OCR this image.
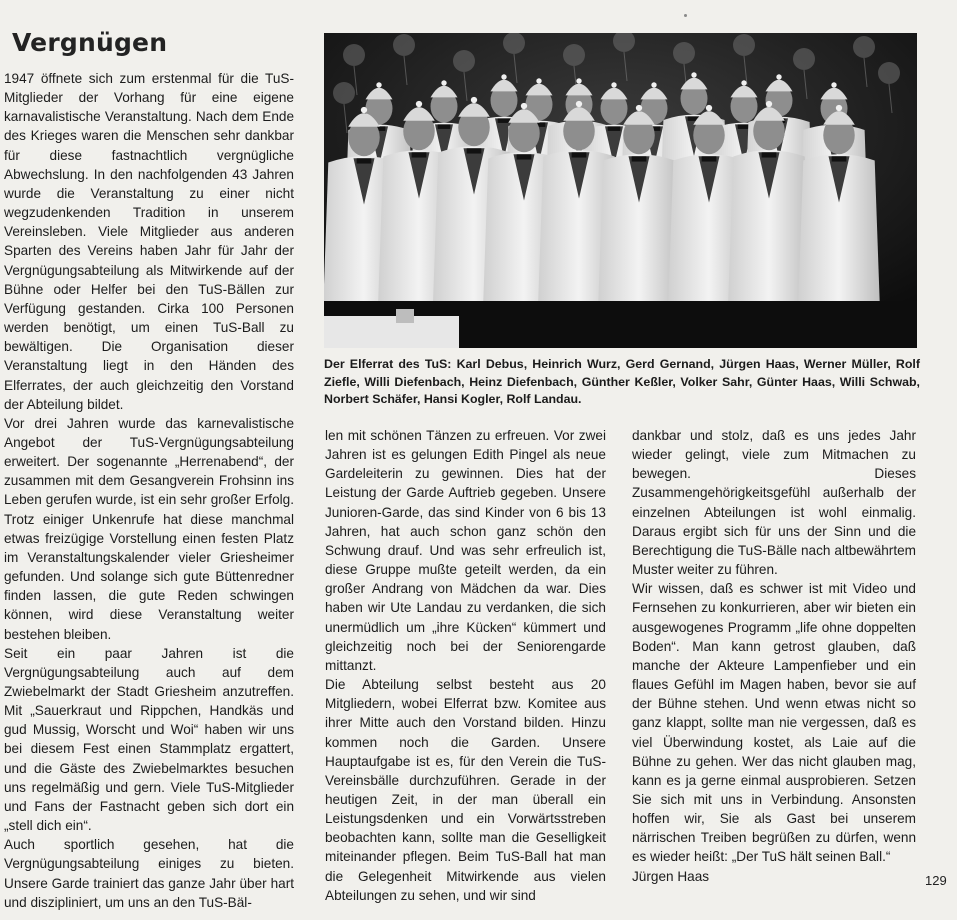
Vergnügen

1947 öffnete sich zum erstenmal für die TuS-Mitglieder der Vorhang für eine eigene karnavalistische Veranstaltung. Nach dem Ende des Krieges waren die Menschen sehr dankbar für diese fastnachtlich vergnügliche Abwechslung. In den nachfolgenden 43 Jahren wurde die Veranstaltung zu einer nicht wegzudenkenden Tradition in unserem Vereinsleben. Viele Mitglieder aus anderen Sparten des Vereins haben Jahr für Jahr der Vergnügungsabteilung als Mitwirkende auf der Bühne oder Helfer bei den TuS-Bällen zur Verfügung gestanden. Cirka 100 Personen werden benötigt, um einen TuS-Ball zu bewältigen. Die Organisation dieser Veranstaltung liegt in den Händen des Elferrates, der auch gleichzeitig den Vorstand der Abteilung bildet.

Vor drei Jahren wurde das karnevalistische Angebot der TuS-Vergnügungsabteilung erweitert. Der sogenannte „Herrenabend“, der zusammen mit dem Gesangverein Frohsinn ins Leben gerufen wurde, ist ein sehr großer Erfolg. Trotz einiger Unkenrufe hat diese manchmal etwas freizügige Vorstellung einen festen Platz im Veranstaltungskalender vieler Griesheimer gefunden. Und solange sich gute Büttenredner finden lassen, die gute Reden schwingen können, wird diese Veranstaltung weiter bestehen bleiben.

Seit ein paar Jahren ist die Vergnügungsabteilung auch auf dem Zwiebelmarkt der Stadt Griesheim anzutreffen. Mit „Sauerkraut und Rippchen, Handkäs und gud Mussig, Worscht und Woi“ haben wir uns bei diesem Fest einen Stammplatz ergattert, und die Gäste des Zwiebelmarktes besuchen uns regelmäßig und gern. Viele TuS-Mitglieder und Fans der Fastnacht geben sich dort ein „stell dich ein“.

Auch sportlich gesehen, hat die Vergnügungsabteilung einiges zu bieten. Unsere Garde trainiert das ganze Jahr über hart und diszipliniert, um uns an den TuS-Bäl-

Der Elferrat des TuS: Karl Debus, Heinrich Wurz, Gerd Gernand, Jürgen Haas, Werner Müller, Rolf Ziefle, Willi Diefenbach, Heinz Diefenbach, Günther Keßler, Volker Sahr, Günter Haas, Willi Schwab, Norbert Schäfer, Hansi Kogler, Rolf Landau.

len mit schönen Tänzen zu erfreuen. Vor zwei Jahren ist es gelungen Edith Pingel als neue Gardeleiterin zu gewinnen. Dies hat der Leistung der Garde Auftrieb gegeben. Unsere Junioren-Garde, das sind Kinder von 6 bis 13 Jahren, hat auch schon ganz schön den Schwung drauf. Und was sehr erfreulich ist, diese Gruppe mußte geteilt werden, da ein großer Andrang von Mädchen da war. Dies haben wir Ute Landau zu verdanken, die sich unermüdlich um „ihre Kücken“ kümmert und gleichzeitig noch bei der Seniorengarde mittanzt.

Die Abteilung selbst besteht aus 20 Mitgliedern, wobei Elferrat bzw. Komitee aus ihrer Mitte auch den Vorstand bilden. Hinzu kommen noch die Garden. Unsere Hauptaufgabe ist es, für den Verein die TuS-Vereinsbälle durchzuführen. Gerade in der heutigen Zeit, in der man überall ein Leistungsdenken und ein Vorwärtsstreben beobachten kann, sollte man die Geselligkeit miteinander pflegen. Beim TuS-Ball hat man die Gelegenheit Mitwirkende aus vielen Abteilungen zu sehen, und wir sind

dankbar und stolz, daß es uns jedes Jahr wieder gelingt, viele zum Mitmachen zu bewegen. Dieses Zusammengehörigkeitsgefühl außerhalb der einzelnen Abteilungen ist wohl einmalig. Daraus ergibt sich für uns der Sinn und die Berechtigung die TuS-Bälle nach altbewährtem Muster weiter zu führen.

Wir wissen, daß es schwer ist mit Video und Fernsehen zu konkurrieren, aber wir bieten ein ausgewogenes Programm „life ohne doppelten Boden“. Man kann getrost glauben, daß manche der Akteure Lampenfieber und ein flaues Gefühl im Magen haben, bevor sie auf der Bühne stehen. Und wenn etwas nicht so ganz klappt, sollte man nie vergessen, daß es viel Überwindung kostet, als Laie auf die Bühne zu gehen. Wer das nicht glauben mag, kann es ja gerne einmal ausprobieren. Setzen Sie sich mit uns in Verbindung. Ansonsten hoffen wir, Sie als Gast bei unserem närrischen Treiben begrüßen zu dürfen, wenn es wieder heißt: „Der TuS hält seinen Ball.“

Jürgen Haas	129
